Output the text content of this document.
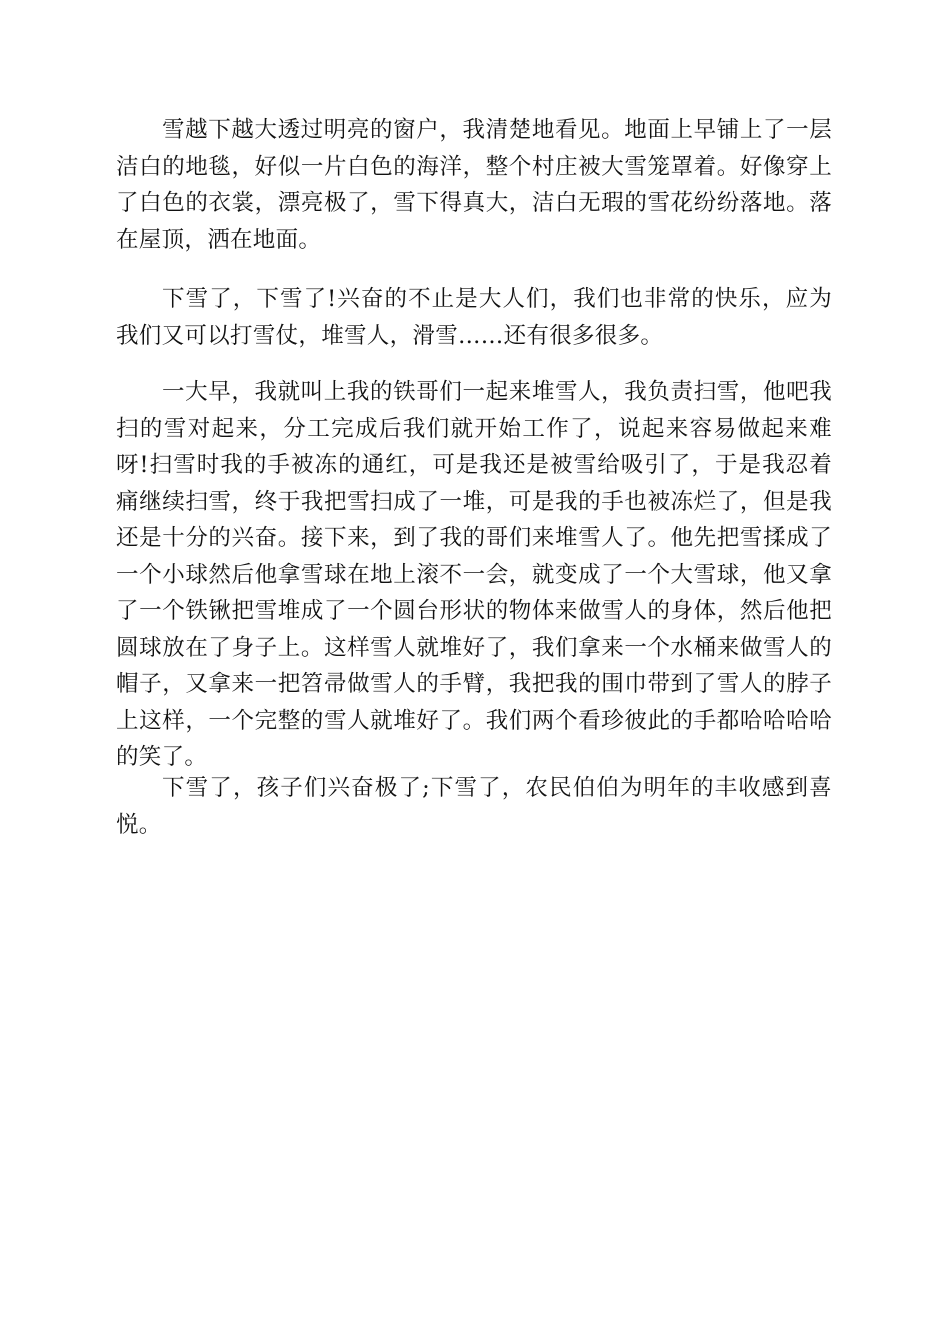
雪越下越大透过明亮的窗户，我清楚地看见。地面上早铺上了一层洁白的地毯，好似一片白色的海洋，整个村庄被大雪笼罩着。好像穿上了白色的衣裳，漂亮极了，雪下得真大，洁白无瑕的雪花纷纷落地。落在屋顶，洒在地面。

下雪了，下雪了!兴奋的不止是大人们，我们也非常的快乐，应为我们又可以打雪仗，堆雪人，滑雪……还有很多很多。

一大早，我就叫上我的铁哥们一起来堆雪人，我负责扫雪，他吧我扫的雪对起来，分工完成后我们就开始工作了，说起来容易做起来难呀!扫雪时我的手被冻的通红，可是我还是被雪给吸引了，于是我忍着痛继续扫雪，终于我把雪扫成了一堆，可是我的手也被冻烂了，但是我还是十分的兴奋。接下来，到了我的哥们来堆雪人了。他先把雪揉成了一个小球然后他拿雪球在地上滚不一会，就变成了一个大雪球，他又拿了一个铁锹把雪堆成了一个圆台形状的物体来做雪人的身体，然后他把圆球放在了身子上。这样雪人就堆好了，我们拿来一个水桶来做雪人的帽子，又拿来一把笤帚做雪人的手臂，我把我的围巾带到了雪人的脖子上这样，一个完整的雪人就堆好了。我们两个看珍彼此的手都哈哈哈哈的笑了。

下雪了，孩子们兴奋极了;下雪了，农民伯伯为明年的丰收感到喜悦。
